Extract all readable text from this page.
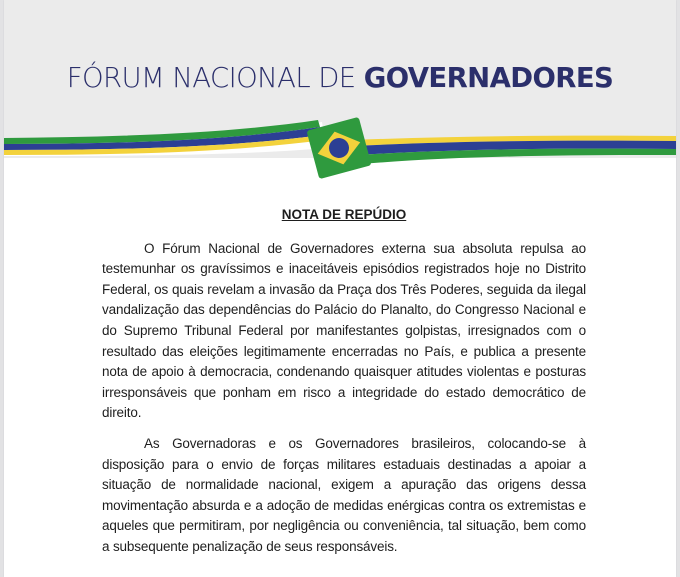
FÓRUM NACIONAL DE GOVERNADORES
NOTA DE REPÚDIO

O Fórum Nacional de Governadores externa sua absoluta repulsa ao testemunhar os gravíssimos e inaceitáveis episódios registrados hoje no Distrito Federal, os quais revelam a invasão da Praça dos Três Poderes, seguida da ilegal vandalização das dependências do Palácio do Planalto, do Congresso Nacional e do Supremo Tribunal Federal por manifestantes golpistas, irresignados com o resultado das eleições legitimamente encerradas no País, e publica a presente nota de apoio à democracia, condenando quaisquer atitudes violentas e posturas irresponsáveis que ponham em risco a integridade do estado democrático de direito.

As Governadoras e os Governadores brasileiros, colocando-se à disposição para o envio de forças militares estaduais destinadas a apoiar a situação de normalidade nacional, exigem a apuração das origens dessa movimentação absurda e a adoção de medidas enérgicas contra os extremistas e aqueles que permitiram, por negligência ou conveniência, tal situação, bem como a subsequente penalização de seus responsáveis.
